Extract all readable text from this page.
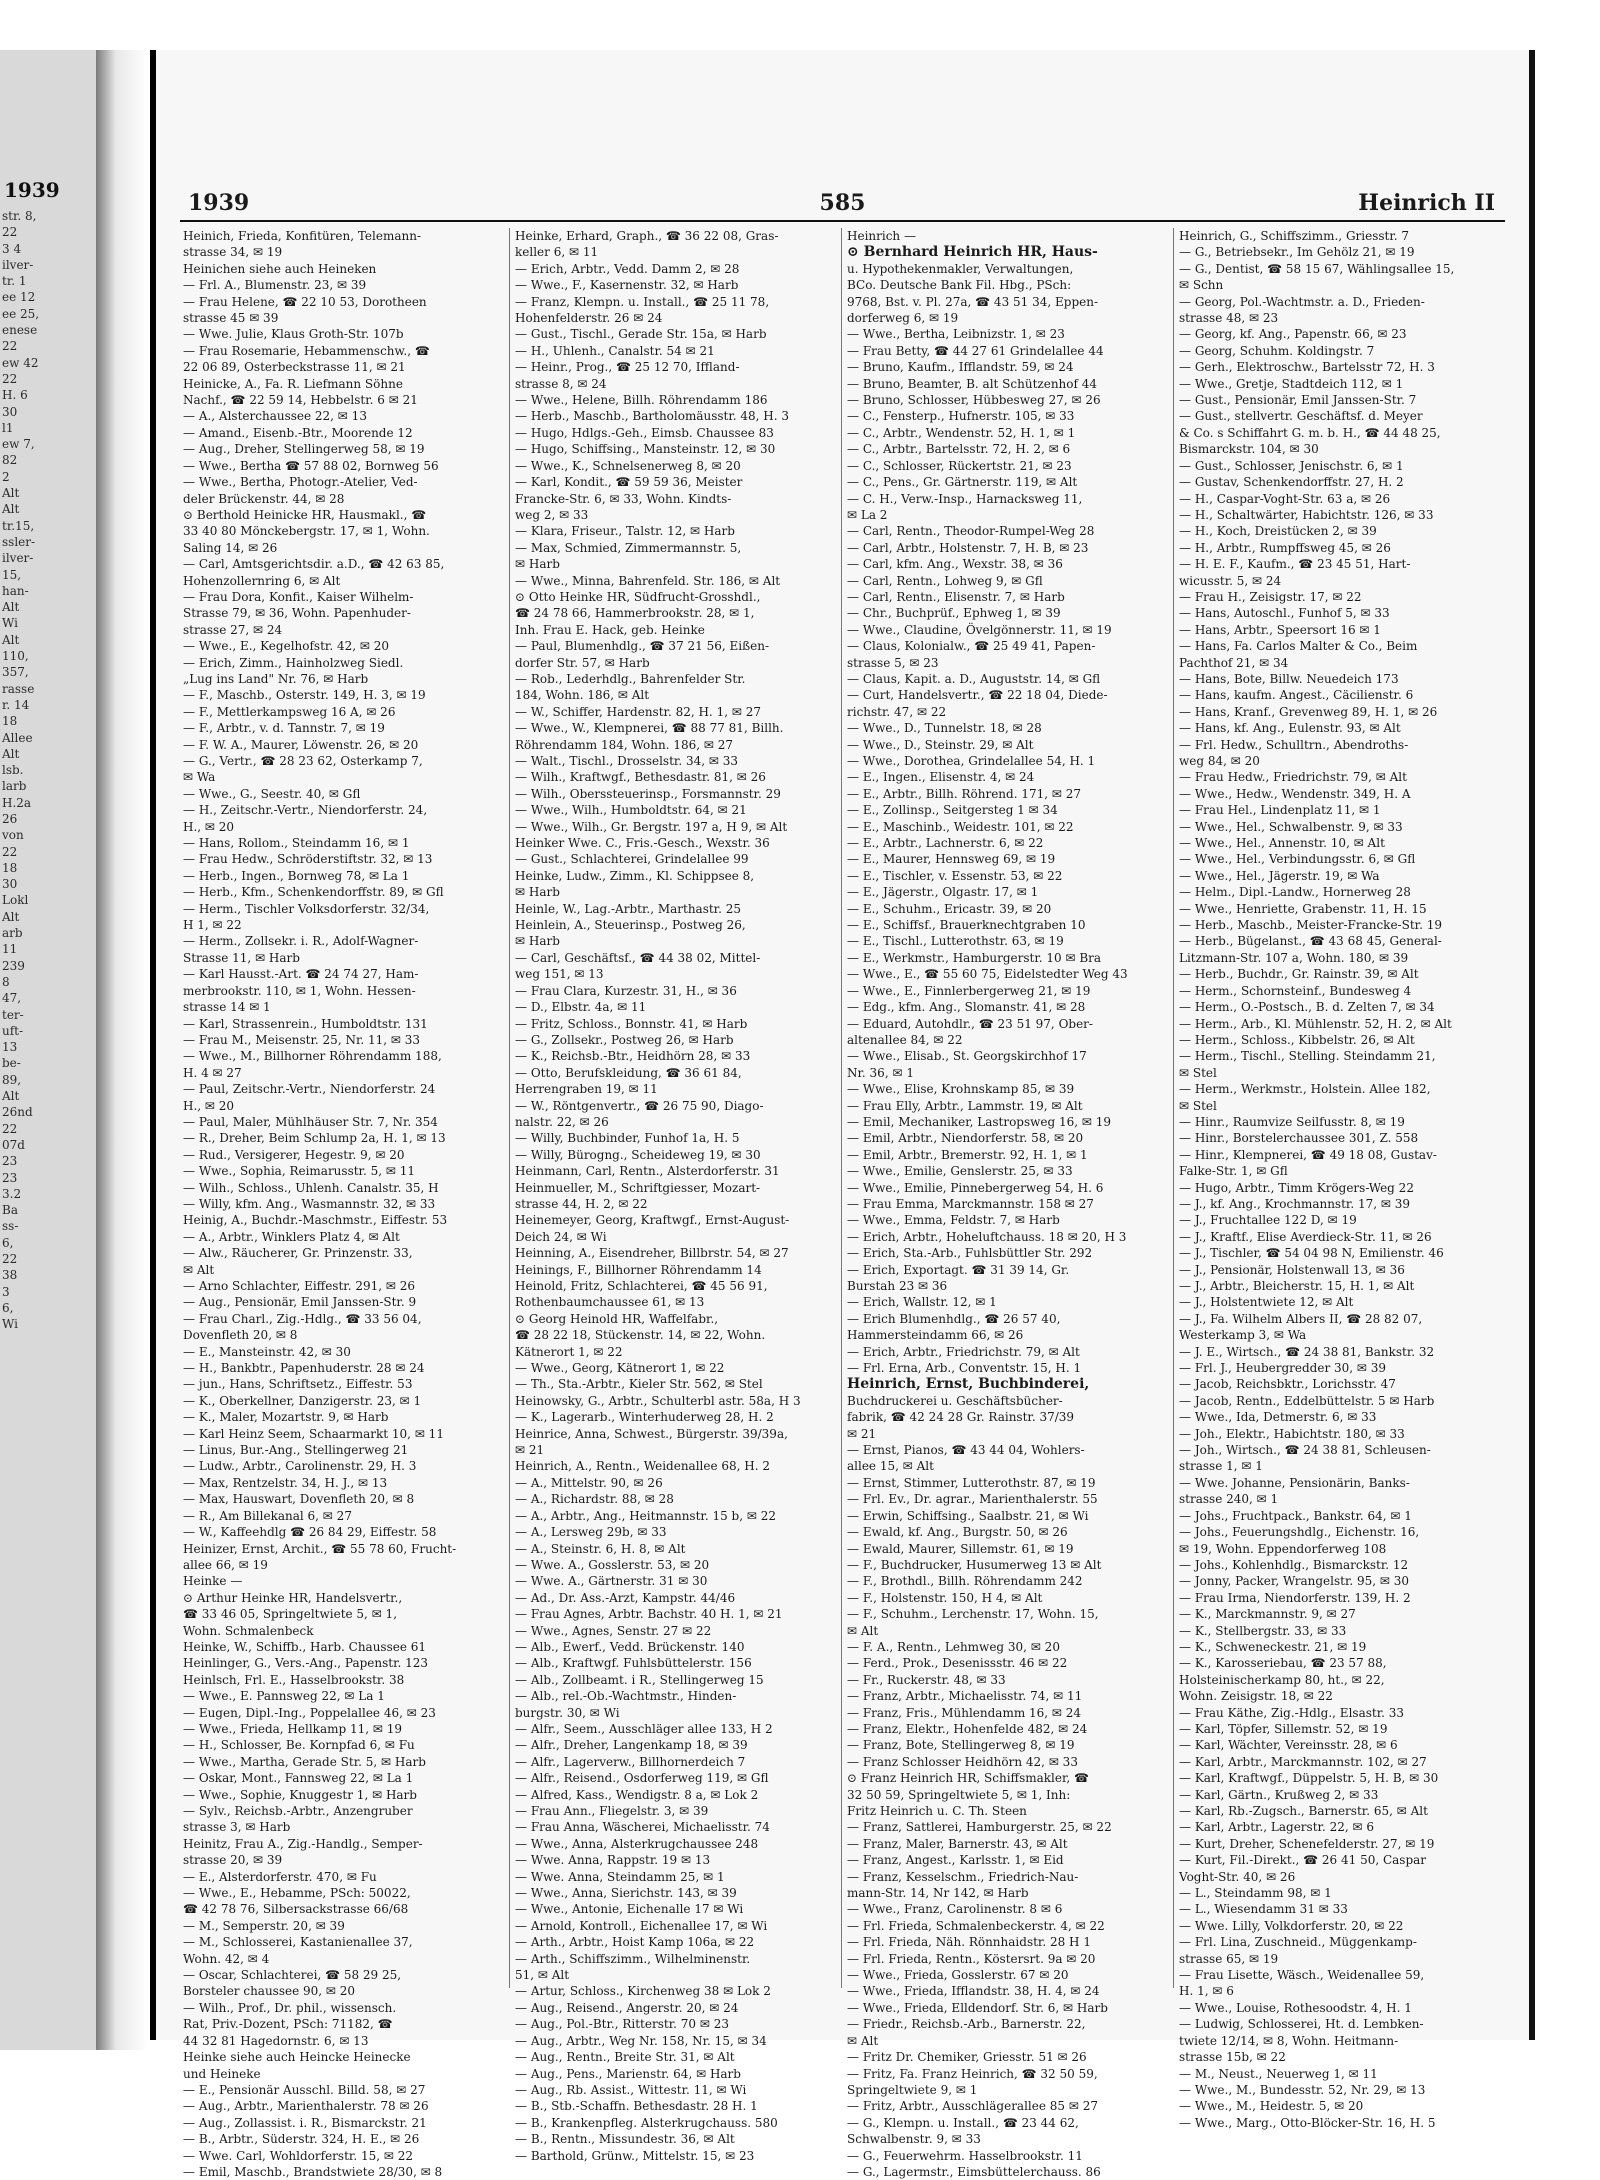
1939
str. 8,
22
3 4
ilver-
tr. 1
ee 12
ee 25,
enese
22
ew 42
22
H. 6
30
l1
ew 7,
82
2
Alt
Alt
tr.15,
ssler-
ilver-
15,
han-
Alt
Wi
Alt
110,
357,
rasse
r. 14
18
Allee
Alt
lsb.
larb
H.2a
26
von
22
18
30
Lokl
Alt
arb
11
239
8
47,
ter-
uft-
13
be-
89,
Alt
26nd
22
07d
23
23
3.2
Ba
ss-
6,
22
38
3
6,
Wi
1939	585	Heinrich II
Heinich, Frieda, Konfitüren, Telemann-
strasse 34, ✉ 19
Heinichen siehe auch Heineken
— Frl. A., Blumenstr. 23, ✉ 39
— Frau Helene, ☎ 22 10 53, Dorotheen
strasse 45 ✉ 39
— Wwe. Julie, Klaus Groth-Str. 107b
— Frau Rosemarie, Hebammenschw., ☎
22 06 89, Osterbeckstrasse 11, ✉ 21
Heinicke, A., Fa. R. Liefmann Söhne
Nachf., ☎ 22 59 14, Hebbelstr. 6 ✉ 21
— A., Alsterchaussee 22, ✉ 13
— Amand., Eisenb.-Btr., Moorende 12
— Aug., Dreher, Stellingerweg 58, ✉ 19
— Wwe., Bertha ☎ 57 88 02, Bornweg 56
— Wwe., Bertha, Photogr.-Atelier, Ved-
deler Brückenstr. 44, ✉ 28
⊙ Berthold Heinicke HR, Hausmakl., ☎
33 40 80 Mönckebergstr. 17, ✉ 1, Wohn.
Saling 14, ✉ 26
— Carl, Amtsgerichtsdir. a.D., ☎ 42 63 85,
Hohenzollernring 6, ✉ Alt
— Frau Dora, Konfit., Kaiser Wilhelm-
Strasse 79, ✉ 36, Wohn. Papenhuder-
strasse 27, ✉ 24
— Wwe., E., Kegelhofstr. 42, ✉ 20
— Erich, Zimm., Hainholzweg Siedl.
„Lug ins Land" Nr. 76, ✉ Harb
— F., Maschb., Osterstr. 149, H. 3, ✉ 19
— F., Mettlerkampsweg 16 A, ✉ 26
— F., Arbtr., v. d. Tannstr. 7, ✉ 19
— F. W. A., Maurer, Löwenstr. 26, ✉ 20
— G., Vertr., ☎ 28 23 62, Osterkamp 7,
✉ Wa
— Wwe., G., Seestr. 40, ✉ Gfl
— H., Zeitschr.-Vertr., Niendorferstr. 24,
H., ✉ 20
— Hans, Rollom., Steindamm 16, ✉ 1
— Frau Hedw., Schröderstiftstr. 32, ✉ 13
— Herb., Ingen., Bornweg 78, ✉ La 1
— Herb., Kfm., Schenkendorffstr. 89, ✉ Gfl
— Herm., Tischler Volksdorferstr. 32/34,
H 1, ✉ 22
— Herm., Zollsekr. i. R., Adolf-Wagner-
Strasse 11, ✉ Harb
— Karl Hausst.-Art. ☎ 24 74 27, Ham-
merbrookstr. 110, ✉ 1, Wohn. Hessen-
strasse 14 ✉ 1
— Karl, Strassenrein., Humboldtstr. 131
— Frau M., Meisenstr. 25, Nr. 11, ✉ 33
— Wwe., M., Billhorner Röhrendamm 188,
H. 4 ✉ 27
— Paul, Zeitschr.-Vertr., Niendorferstr. 24
H., ✉ 20
— Paul, Maler, Mühlhäuser Str. 7, Nr. 354
— R., Dreher, Beim Schlump 2a, H. 1, ✉ 13
— Rud., Versigerer, Hegestr. 9, ✉ 20
— Wwe., Sophia, Reimarusstr. 5, ✉ 11
— Wilh., Schloss., Uhlenh. Canalstr. 35, H
— Willy, kfm. Ang., Wasmannstr. 32, ✉ 33
Heinig, A., Buchdr.-Maschmstr., Eiffestr. 53
— A., Arbtr., Winklers Platz 4, ✉ Alt
— Alw., Räucherer, Gr. Prinzenstr. 33,
✉ Alt
— Arno Schlachter, Eiffestr. 291, ✉ 26
— Aug., Pensionär, Emil Janssen-Str. 9
— Frau Charl., Zig.-Hdlg., ☎ 33 56 04,
Dovenfleth 20, ✉ 8
— E., Mansteinstr. 42, ✉ 30
— H., Bankbtr., Papenhuderstr. 28 ✉ 24
— jun., Hans, Schriftsetz., Eiffestr. 53
— K., Oberkellner, Danzigerstr. 23, ✉ 1
— K., Maler, Mozartstr. 9, ✉ Harb
— Karl Heinz Seem, Schaarmarkt 10, ✉ 11
— Linus, Bur.-Ang., Stellingerweg 21
— Ludw., Arbtr., Carolinenstr. 29, H. 3
— Max, Rentzelstr. 34, H. J., ✉ 13
— Max, Hauswart, Dovenfleth 20, ✉ 8
— R., Am Billekanal 6, ✉ 27
— W., Kaffeehdlg ☎ 26 84 29, Eiffestr. 58
Heinizer, Ernst, Archit., ☎ 55 78 60, Frucht-
allee 66, ✉ 19
Heinke —
⊙ Arthur Heinke HR, Handelsvertr.,
☎ 33 46 05, Springeltwiete 5, ✉ 1,
Wohn. Schmalenbeck
Heinke, W., Schiffb., Harb. Chaussee 61
Heinlinger, G., Vers.-Ang., Papenstr. 123
Heinlsch, Frl. E., Hasselbrookstr. 38
— Wwe., E. Pannsweg 22, ✉ La 1
— Eugen, Dipl.-Ing., Poppelallee 46, ✉ 23
— Wwe., Frieda, Hellkamp 11, ✉ 19
— H., Schlosser, Be. Kornpfad 6, ✉ Fu
— Wwe., Martha, Gerade Str. 5, ✉ Harb
— Oskar, Mont., Fannsweg 22, ✉ La 1
— Wwe., Sophie, Knuggestr 1, ✉ Harb
— Sylv., Reichsb.-Arbtr., Anzengruber
strasse 3, ✉ Harb
Heinitz, Frau A., Zig.-Handlg., Semper-
strasse 20, ✉ 39
— E., Alsterdorferstr. 470, ✉ Fu
— Wwe., E., Hebamme, PSch: 50022,
☎ 42 78 76, Silbersackstrasse 66/68
— M., Semperstr. 20, ✉ 39
— M., Schlosserei, Kastanienallee 37,
Wohn. 42, ✉ 4
— Oscar, Schlachterei, ☎ 58 29 25,
Borsteler chaussee 90, ✉ 20
— Wilh., Prof., Dr. phil., wissensch.
Rat, Priv.-Dozent, PSch: 71182, ☎
44 32 81 Hagedornstr. 6, ✉ 13
Heinke siehe auch Heincke Heinecke
und Heineke
— E., Pensionär Ausschl. Billd. 58, ✉ 27
— Aug., Arbtr., Marienthalerstr. 78 ✉ 26
— Aug., Zollassist. i. R., Bismarckstr. 21
— B., Arbtr., Süderstr. 324, H. E., ✉ 26
— Wwe. Carl, Wohldorferstr. 15, ✉ 22
— Emil, Maschb., Brandstwiete 28/30, ✉ 8
Heinke, Erhard, Graph., ☎ 36 22 08, Gras-
keller 6, ✉ 11
— Erich, Arbtr., Vedd. Damm 2, ✉ 28
— Wwe., F., Kasernenstr. 32, ✉ Harb
— Franz, Klempn. u. Install., ☎ 25 11 78,
Hohenfelderstr. 26 ✉ 24
— Gust., Tischl., Gerade Str. 15a, ✉ Harb
— H., Uhlenh., Canalstr. 54 ✉ 21
— Heinr., Prog., ☎ 25 12 70, Iffland-
strasse 8, ✉ 24
— Wwe., Helene, Billh. Röhrendamm 186
— Herb., Maschb., Bartholomäusstr. 48, H. 3
— Hugo, Hdlgs.-Geh., Eimsb. Chaussee 83
— Hugo, Schiffsing., Mansteinstr. 12, ✉ 30
— Wwe., K., Schnelsenerweg 8, ✉ 20
— Karl, Kondit., ☎ 59 59 36, Meister
Francke-Str. 6, ✉ 33, Wohn. Kindts-
weg 2, ✉ 33
— Klara, Friseur., Talstr. 12, ✉ Harb
— Max, Schmied, Zimmermannstr. 5,
✉ Harb
— Wwe., Minna, Bahrenfeld. Str. 186, ✉ Alt
⊙ Otto Heinke HR, Südfrucht-Grosshdl.,
☎ 24 78 66, Hammerbrookstr. 28, ✉ 1,
Inh. Frau E. Hack, geb. Heinke
— Paul, Blumenhdlg., ☎ 37 21 56, Eißen-
dorfer Str. 57, ✉ Harb
— Rob., Lederhdlg., Bahrenfelder Str.
184, Wohn. 186, ✉ Alt
— W., Schiffer, Hardenstr. 82, H. 1, ✉ 27
— Wwe., W., Klempnerei, ☎ 88 77 81, Billh.
Röhrendamm 184, Wohn. 186, ✉ 27
— Walt., Tischl., Drosselstr. 34, ✉ 33
— Wilh., Kraftwgf., Bethesdastr. 81, ✉ 26
— Wilh., Oberssteuerinsp., Forsmannstr. 29
— Wwe., Wilh., Humboldtstr. 64, ✉ 21
— Wwe., Wilh., Gr. Bergstr. 197 a, H 9, ✉ Alt
Heinker Wwe. C., Fris.-Gesch., Wexstr. 36
— Gust., Schlachterei, Grindelallee 99
Heinke, Ludw., Zimm., Kl. Schippsee 8,
✉ Harb
Heinle, W., Lag.-Arbtr., Marthastr. 25
Heinlein, A., Steuerinsp., Postweg 26,
✉ Harb
— Carl, Geschäftsf., ☎ 44 38 02, Mittel-
weg 151, ✉ 13
— Frau Clara, Kurzestr. 31, H., ✉ 36
— D., Elbstr. 4a, ✉ 11
— Fritz, Schloss., Bonnstr. 41, ✉ Harb
— G., Zollsekr., Postweg 26, ✉ Harb
— K., Reichsb.-Btr., Heidhörn 28, ✉ 33
— Otto, Berufskleidung, ☎ 36 61 84,
Herrengraben 19, ✉ 11
— W., Röntgenvertr., ☎ 26 75 90, Diago-
nalstr. 22, ✉ 26
— Willy, Buchbinder, Funhof 1a, H. 5
— Willy, Bürogng., Scheideweg 19, ✉ 30
Heinmann, Carl, Rentn., Alsterdorferstr. 31
Heinmueller, M., Schriftgiesser, Mozart-
strasse 44, H. 2, ✉ 22
Heinemeyer, Georg, Kraftwgf., Ernst-August-
Deich 24, ✉ Wi
Heinning, A., Eisendreher, Billbrstr. 54, ✉ 27
Heinings, F., Billhorner Röhrendamm 14
Heinold, Fritz, Schlachterei, ☎ 45 56 91,
Rothenbaumchaussee 61, ✉ 13
⊙ Georg Heinold HR, Waffelfabr.,
☎ 28 22 18, Stückenstr. 14, ✉ 22, Wohn.
Kätnerort 1, ✉ 22
— Wwe., Georg, Kätnerort 1, ✉ 22
— Th., Sta.-Arbtr., Kieler Str. 562, ✉ Stel
Heinowsky, G., Arbtr., Schulterbl astr. 58a, H 3
— K., Lagerarb., Winterhuderweg 28, H. 2
Heinrice, Anna, Schwest., Bürgerstr. 39/39a,
✉ 21
Heinrich, A., Rentn., Weidenallee 68, H. 2
— A., Mittelstr. 90, ✉ 26
— A., Richardstr. 88, ✉ 28
— A., Arbtr., Ang., Heitmannstr. 15 b, ✉ 22
— A., Lersweg 29b, ✉ 33
— A., Steinstr. 6, H. 8, ✉ Alt
— Wwe. A., Gosslerstr. 53, ✉ 20
— Wwe. A., Gärtnerstr. 31 ✉ 30
— Ad., Dr. Ass.-Arzt, Kampstr. 44/46
— Frau Agnes, Arbtr. Bachstr. 40 H. 1, ✉ 21
— Wwe., Agnes, Senstr. 27 ✉ 22
— Alb., Ewerf., Vedd. Brückenstr. 140
— Alb., Kraftwgf. Fuhlsbüttelerstr. 156
— Alb., Zollbeamt. i R., Stellingerweg 15
— Alb., rel.-Ob.-Wachtmstr., Hinden-
burgstr. 30, ✉ Wi
— Alfr., Seem., Ausschläger allee 133, H 2
— Alfr., Dreher, Langenkamp 18, ✉ 39
— Alfr., Lagerverw., Billhornerdeich 7
— Alfr., Reisend., Osdorferweg 119, ✉ Gfl
— Alfred, Kass., Wendigstr. 8 a, ✉ Lok 2
— Frau Ann., Fliegelstr. 3, ✉ 39
— Frau Anna, Wäscherei, Michaelisstr. 74
— Wwe., Anna, Alsterkrugchaussee 248
— Wwe. Anna, Rappstr. 19 ✉ 13
— Wwe. Anna, Steindamm 25, ✉ 1
— Wwe., Anna, Sierichstr. 143, ✉ 39
— Wwe., Antonie, Eichenalle 17 ✉ Wi
— Arnold, Kontroll., Eichenallee 17, ✉ Wi
— Arth., Arbtr., Hoist Kamp 106a, ✉ 22
— Arth., Schiffszimm., Wilhelminenstr.
51, ✉ Alt
— Artur, Schloss., Kirchenweg 38 ✉ Lok 2
— Aug., Reisend., Angerstr. 20, ✉ 24
— Aug., Pol.-Btr., Ritterstr. 70 ✉ 23
— Aug., Arbtr., Weg Nr. 158, Nr. 15, ✉ 34
— Aug., Rentn., Breite Str. 31, ✉ Alt
— Aug., Pens., Marienstr. 64, ✉ Harb
— Aug., Rb. Assist., Wittestr. 11, ✉ Wi
— B., Stb.-Schaffn. Bethesdastr. 28 H. 1
— B., Krankenpfleg. Alsterkrugchauss. 580
— B., Rentn., Missundestr. 36, ✉ Alt
— Barthold, Grünw., Mittelstr. 15, ✉ 23
Heinrich —
⊙ Bernhard Heinrich HR, Haus-
u. Hypothekenmakler, Verwaltungen,
BCo. Deutsche Bank Fil. Hbg., PSch:
9768, Bst. v. Pl. 27a, ☎ 43 51 34, Eppen-
dorferweg 6, ✉ 19
— Wwe., Bertha, Leibnizstr. 1, ✉ 23
— Frau Betty, ☎ 44 27 61 Grindelallee 44
— Bruno, Kaufm., Ifflandstr. 59, ✉ 24
— Bruno, Beamter, B. alt Schützenhof 44
— Bruno, Schlosser, Hübbesweg 27, ✉ 26
— C., Fensterp., Hufnerstr. 105, ✉ 33
— C., Arbtr., Wendenstr. 52, H. 1, ✉ 1
— C., Arbtr., Bartelsstr. 72, H. 2, ✉ 6
— C., Schlosser, Rückertstr. 21, ✉ 23
— C., Pens., Gr. Gärtnerstr. 119, ✉ Alt
— C. H., Verw.-Insp., Harnacksweg 11,
✉ La 2
— Carl, Rentn., Theodor-Rumpel-Weg 28
— Carl, Arbtr., Holstenstr. 7, H. B, ✉ 23
— Carl, kfm. Ang., Wexstr. 38, ✉ 36
— Carl, Rentn., Lohweg 9, ✉ Gfl
— Carl, Rentn., Elisenstr. 7, ✉ Harb
— Chr., Buchprüf., Ephweg 1, ✉ 39
— Wwe., Claudine, Övelgönnerstr. 11, ✉ 19
— Claus, Kolonialw., ☎ 25 49 41, Papen-
strasse 5, ✉ 23
— Claus, Kapit. a. D., Auguststr. 14, ✉ Gfl
— Curt, Handelsvertr., ☎ 22 18 04, Diede-
richstr. 47, ✉ 22
— Wwe., D., Tunnelstr. 18, ✉ 28
— Wwe., D., Steinstr. 29, ✉ Alt
— Wwe., Dorothea, Grindelallee 54, H. 1
— E., Ingen., Elisenstr. 4, ✉ 24
— E., Arbtr., Billh. Röhrend. 171, ✉ 27
— E., Zollinsp., Seitgersteg 1 ✉ 34
— E., Maschinb., Weidestr. 101, ✉ 22
— E., Arbtr., Lachnerstr. 6, ✉ 22
— E., Maurer, Hennsweg 69, ✉ 19
— E., Tischler, v. Essenstr. 53, ✉ 22
— E., Jägerstr., Olgastr. 17, ✉ 1
— E., Schuhm., Ericastr. 39, ✉ 20
— E., Schiffsf., Brauerknechtgraben 10
— E., Tischl., Lutterothstr. 63, ✉ 19
— E., Werkmstr., Hamburgerstr. 10 ✉ Bra
— Wwe., E., ☎ 55 60 75, Eidelstedter Weg 43
— Wwe., E., Finnlerbergerweg 21, ✉ 19
— Edg., kfm. Ang., Slomanstr. 41, ✉ 28
— Eduard, Autohdlr., ☎ 23 51 97, Ober-
altenallee 84, ✉ 22
— Wwe., Elisab., St. Georgskirchhof 17
Nr. 36, ✉ 1
— Wwe., Elise, Krohnskamp 85, ✉ 39
— Frau Elly, Arbtr., Lammstr. 19, ✉ Alt
— Emil, Mechaniker, Lastropsweg 16, ✉ 19
— Emil, Arbtr., Niendorferstr. 58, ✉ 20
— Emil, Arbtr., Bremerstr. 92, H. 1, ✉ 1
— Wwe., Emilie, Genslerstr. 25, ✉ 33
— Wwe., Emilie, Pinnebergerweg 54, H. 6
— Frau Emma, Marckmannstr. 158 ✉ 27
— Wwe., Emma, Feldstr. 7, ✉ Harb
— Erich, Arbtr., Hoheluftchauss. 18 ✉ 20, H 3
— Erich, Sta.-Arb., Fuhlsbüttler Str. 292
— Erich, Exportagt. ☎ 31 39 14, Gr.
Burstah 23 ✉ 36
— Erich, Wallstr. 12, ✉ 1
— Erich Blumenhdlg., ☎ 26 57 40,
Hammersteindamm 66, ✉ 26
— Erich, Arbtr., Friedrichstr. 79, ✉ Alt
— Frl. Erna, Arb., Conventstr. 15, H. 1
Heinrich, Ernst, Buchbinderei,
Buchdruckerei u. Geschäftsbücher-
fabrik, ☎ 42 24 28 Gr. Rainstr. 37/39
✉ 21
— Ernst, Pianos, ☎ 43 44 04, Wohlers-
allee 15, ✉ Alt
— Ernst, Stimmer, Lutterothstr. 87, ✉ 19
— Frl. Ev., Dr. agrar., Marienthalerstr. 55
— Erwin, Schiffsing., Saalbstr. 21, ✉ Wi
— Ewald, kf. Ang., Burgstr. 50, ✉ 26
— Ewald, Maurer, Sillemstr. 61, ✉ 19
— F., Buchdrucker, Husumerweg 13 ✉ Alt
— F., Brothdl., Billh. Röhrendamm 242
— F., Holstenstr. 150, H 4, ✉ Alt
— F., Schuhm., Lerchenstr. 17, Wohn. 15,
✉ Alt
— F. A., Rentn., Lehmweg 30, ✉ 20
— Ferd., Prok., Desenissstr. 46 ✉ 22
— Fr., Ruckerstr. 48, ✉ 33
— Franz, Arbtr., Michaelisstr. 74, ✉ 11
— Franz, Fris., Mühlendamm 16, ✉ 24
— Franz, Elektr., Hohenfelde 482, ✉ 24
— Franz, Bote, Stellingerweg 8, ✉ 19
— Franz Schlosser Heidhörn 42, ✉ 33
⊙ Franz Heinrich HR, Schiffsmakler, ☎
32 50 59, Springeltwiete 5, ✉ 1, Inh:
Fritz Heinrich u. C. Th. Steen
— Franz, Sattlerei, Hamburgerstr. 25, ✉ 22
— Franz, Maler, Barnerstr. 43, ✉ Alt
— Franz, Angest., Karlsstr. 1, ✉ Eid
— Franz, Kesselschm., Friedrich-Nau-
mann-Str. 14, Nr 142, ✉ Harb
— Wwe., Franz, Carolinenstr. 8 ✉ 6
— Frl. Frieda, Schmalenbeckerstr. 4, ✉ 22
— Frl. Frieda, Näh. Rönnhaidstr. 28 H 1
— Frl. Frieda, Rentn., Köstersrt. 9a ✉ 20
— Wwe., Frieda, Gosslerstr. 67 ✉ 20
— Wwe., Frieda, Ifflandstr. 38, H. 4, ✉ 24
— Wwe., Frieda, Elldendorf. Str. 6, ✉ Harb
— Friedr., Reichsb.-Arb., Barnerstr. 22,
✉ Alt
— Fritz Dr. Chemiker, Griesstr. 51 ✉ 26
— Fritz, Fa. Franz Heinrich, ☎ 32 50 59,
Springeltwiete 9, ✉ 1
— Fritz, Arbtr., Ausschlägerallee 85 ✉ 27
— G., Klempn. u. Install., ☎ 23 44 62,
Schwalbenstr. 9, ✉ 33
— G., Feuerwehrm. Hasselbrookstr. 11
— G., Lagermstr., Eimsbüttelerchauss. 86
Heinrich, G., Schiffszimm., Griesstr. 7
— G., Betriebsekr., Im Gehölz 21, ✉ 19
— G., Dentist, ☎ 58 15 67, Wählingsallee 15,
✉ Schn
— Georg, Pol.-Wachtmstr. a. D., Frieden-
strasse 48, ✉ 23
— Georg, kf. Ang., Papenstr. 66, ✉ 23
— Georg, Schuhm. Koldingstr. 7
— Gerh., Elektroschw., Bartelsstr 72, H. 3
— Wwe., Gretje, Stadtdeich 112, ✉ 1
— Gust., Pensionär, Emil Janssen-Str. 7
— Gust., stellvertr. Geschäftsf. d. Meyer
& Co. s Schiffahrt G. m. b. H., ☎ 44 48 25,
Bismarckstr. 104, ✉ 30
— Gust., Schlosser, Jenischstr. 6, ✉ 1
— Gustav, Schenkendorffstr. 27, H. 2
— H., Caspar-Voght-Str. 63 a, ✉ 26
— H., Schaltwärter, Habichtstr. 126, ✉ 33
— H., Koch, Dreistücken 2, ✉ 39
— H., Arbtr., Rumpffsweg 45, ✉ 26
— H. E. F., Kaufm., ☎ 23 45 51, Hart-
wicusstr. 5, ✉ 24
— Frau H., Zeisigstr. 17, ✉ 22
— Hans, Autoschl., Funhof 5, ✉ 33
— Hans, Arbtr., Speersort 16 ✉ 1
— Hans, Fa. Carlos Malter & Co., Beim
Pachthof 21, ✉ 34
— Hans, Bote, Billw. Neuedeich 173
— Hans, kaufm. Angest., Cäcilienstr. 6
— Hans, Kranf., Grevenweg 89, H. 1, ✉ 26
— Hans, kf. Ang., Eulenstr. 93, ✉ Alt
— Frl. Hedw., Schulltrn., Abendroths-
weg 84, ✉ 20
— Frau Hedw., Friedrichstr. 79, ✉ Alt
— Wwe., Hedw., Wendenstr. 349, H. A
— Frau Hel., Lindenplatz 11, ✉ 1
— Wwe., Hel., Schwalbenstr. 9, ✉ 33
— Wwe., Hel., Annenstr. 10, ✉ Alt
— Wwe., Hel., Verbindungsstr. 6, ✉ Gfl
— Wwe., Hel., Jägerstr. 19, ✉ Wa
— Helm., Dipl.-Landw., Hornerweg 28
— Wwe., Henriette, Grabenstr. 11, H. 15
— Herb., Maschb., Meister-Francke-Str. 19
— Herb., Bügelanst., ☎ 43 68 45, General-
Litzmann-Str. 107 a, Wohn. 180, ✉ 39
— Herb., Buchdr., Gr. Rainstr. 39, ✉ Alt
— Herm., Schornsteinf., Bundesweg 4
— Herm., O.-Postsch., B. d. Zelten 7, ✉ 34
— Herm., Arb., Kl. Mühlenstr. 52, H. 2, ✉ Alt
— Herm., Schloss., Kibbelstr. 26, ✉ Alt
— Herm., Tischl., Stelling. Steindamm 21,
✉ Stel
— Herm., Werkmstr., Holstein. Allee 182,
✉ Stel
— Hinr., Raumvize Seilfusstr. 8, ✉ 19
— Hinr., Borstelerchaussee 301, Z. 558
— Hinr., Klempnerei, ☎ 49 18 08, Gustav-
Falke-Str. 1, ✉ Gfl
— Hugo, Arbtr., Timm Krögers-Weg 22
— J., kf. Ang., Krochmannstr. 17, ✉ 39
— J., Fruchtallee 122 D, ✉ 19
— J., Kraftf., Elise Averdieck-Str. 11, ✉ 26
— J., Tischler, ☎ 54 04 98 N, Emilienstr. 46
— J., Pensionär, Holstenwall 13, ✉ 36
— J., Arbtr., Bleicherstr. 15, H. 1, ✉ Alt
— J., Holstentwiete 12, ✉ Alt
— J., Fa. Wilhelm Albers II, ☎ 28 82 07,
Westerkamp 3, ✉ Wa
— J. E., Wirtsch., ☎ 24 38 81, Bankstr. 32
— Frl. J., Heubergredder 30, ✉ 39
— Jacob, Reichsbktr., Lorichsstr. 47
— Jacob, Rentn., Eddelbüttelstr. 5 ✉ Harb
— Wwe., Ida, Detmerstr. 6, ✉ 33
— Joh., Elektr., Habichtstr. 180, ✉ 33
— Joh., Wirtsch., ☎ 24 38 81, Schleusen-
strasse 1, ✉ 1
— Wwe. Johanne, Pensionärin, Banks-
strasse 240, ✉ 1
— Johs., Fruchtpack., Bankstr. 64, ✉ 1
— Johs., Feuerungshdlg., Eichenstr. 16,
✉ 19, Wohn. Eppendorferweg 108
— Johs., Kohlenhdlg., Bismarckstr. 12
— Jonny, Packer, Wrangelstr. 95, ✉ 30
— Frau Irma, Niendorferstr. 139, H. 2
— K., Marckmannstr. 9, ✉ 27
— K., Stellbergstr. 33, ✉ 33
— K., Schweneckestr. 21, ✉ 19
— K., Karosseriebau, ☎ 23 57 88,
Holsteinischerkamp 80, ht., ✉ 22,
Wohn. Zeisigstr. 18, ✉ 22
— Frau Käthe, Zig.-Hdlg., Elsastr. 33
— Karl, Töpfer, Sillemstr. 52, ✉ 19
— Karl, Wächter, Vereinsstr. 28, ✉ 6
— Karl, Arbtr., Marckmannstr. 102, ✉ 27
— Karl, Kraftwgf., Düppelstr. 5, H. B, ✉ 30
— Karl, Gärtn., Krußweg 2, ✉ 33
— Karl, Rb.-Zugsch., Barnerstr. 65, ✉ Alt
— Karl, Arbtr., Lagerstr. 22, ✉ 6
— Kurt, Dreher, Schenefelderstr. 27, ✉ 19
— Kurt, Fil.-Direkt., ☎ 26 41 50, Caspar
Voght-Str. 40, ✉ 26
— L., Steindamm 98, ✉ 1
— L., Wiesendamm 31 ✉ 33
— Wwe. Lilly, Volkdorferstr. 20, ✉ 22
— Frl. Lina, Zuschneid., Müggenkamp-
strasse 65, ✉ 19
— Frau Lisette, Wäsch., Weidenallee 59,
H. 1, ✉ 6
— Wwe., Louise, Rothesoodstr. 4, H. 1
— Ludwig, Schlosserei, Ht. d. Lembken-
twiete 12/14, ✉ 8, Wohn. Heitmann-
strasse 15b, ✉ 22
— M., Neust., Neuerweg 1, ✉ 11
— Wwe., M., Bundesstr. 52, Nr. 29, ✉ 13
— Wwe., M., Heidestr. 5, ✉ 20
— Wwe., Marg., Otto-Blöcker-Str. 16, H. 5
